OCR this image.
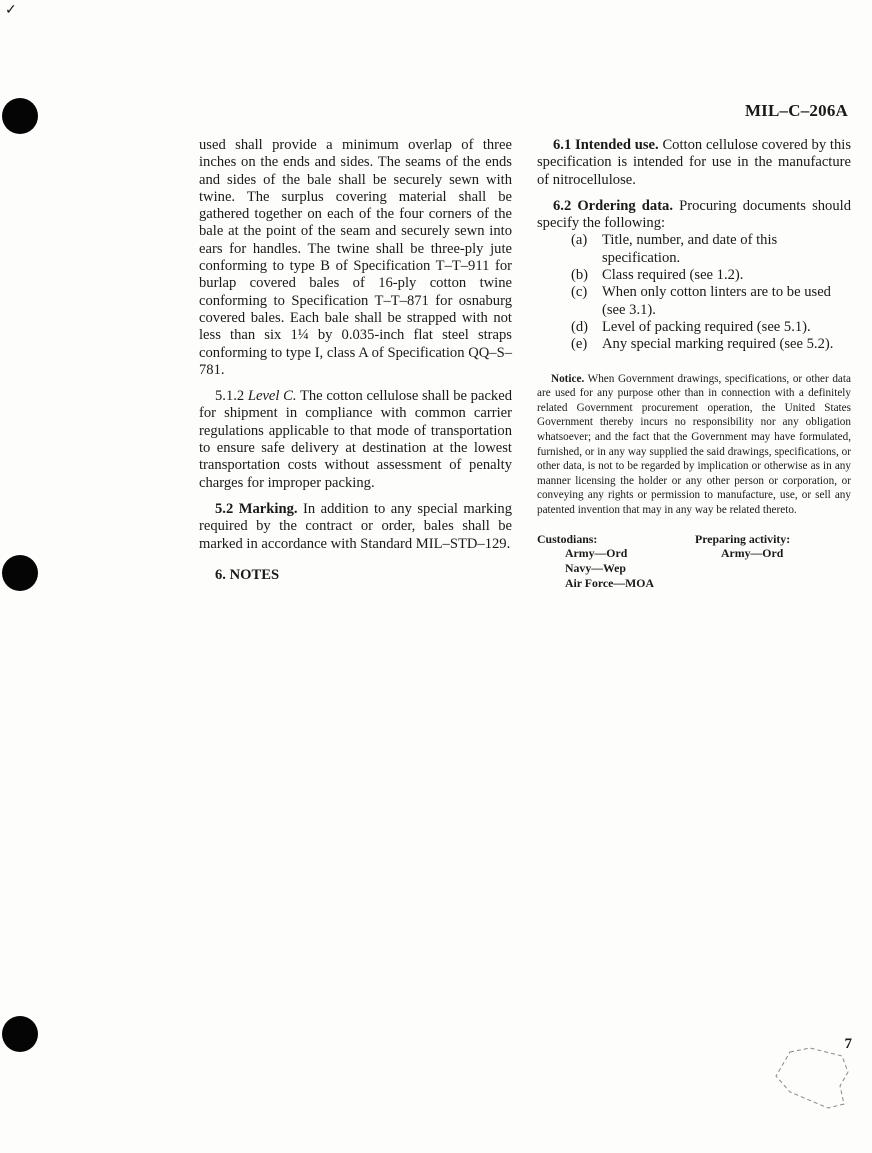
✓
MIL–C–206A

used shall provide a minimum overlap of three inches on the ends and sides. The seams of the ends and sides of the bale shall be securely sewn with twine. The surplus covering material shall be gathered together on each of the four corners of the bale at the point of the seam and securely sewn into ears for handles. The twine shall be three-ply jute conforming to type B of Specification T–T–911 for burlap covered bales of 16-ply cotton twine conforming to Specification T–T–871 for osnaburg covered bales. Each bale shall be strapped with not less than six 1¼ by 0.035-inch flat steel straps conforming to type I, class A of Specification QQ–S–781.

5.1.2 Level C. The cotton cellulose shall be packed for shipment in compliance with common carrier regulations applicable to that mode of transportation to ensure safe delivery at destination at the lowest transportation costs without assessment of penalty charges for improper packing.

5.2 Marking. In addition to any special marking required by the contract or order, bales shall be marked in accordance with Standard MIL–STD–129.

6. NOTES

6.1 Intended use. Cotton cellulose covered by this specification is intended for use in the manufacture of nitrocellulose.

6.2 Ordering data. Procuring documents should specify the following:

(a) Title, number, and date of this specification.
(b) Class required (see 1.2).
(c) When only cotton linters are to be used (see 3.1).
(d) Level of packing required (see 5.1).
(e) Any special marking required (see 5.2).

Notice. When Government drawings, specifications, or other data are used for any purpose other than in connection with a definitely related Government procurement operation, the United States Government thereby incurs no responsibility nor any obligation whatsoever; and the fact that the Government may have formulated, furnished, or in any way supplied the said drawings, specifications, or other data, is not to be regarded by implication or otherwise as in any manner licensing the holder or any other person or corporation, or conveying any rights or permission to manufacture, use, or sell any patented invention that may in any way be related thereto.

Custodians:
Army—Ord
Navy—Wep
Air Force—MOA
Preparing activity:
Army—Ord
7
